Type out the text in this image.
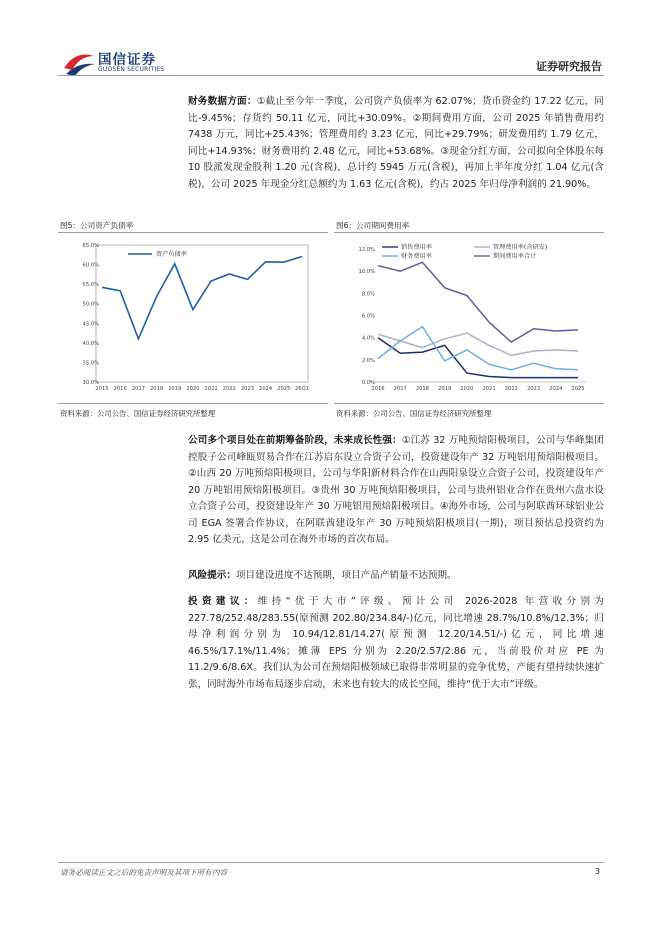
国信证券
GUOSEN SECURITIES	证券研究报告
财务数据方面：①截止至今年一季度，公司资产负债率为 62.07%；货币资金约 17.22 亿元，同比-9.45%；存货约 50.11 亿元，同比+30.09%。②期间费用方面，公司 2025 年销售费用约 7438 万元，同比+25.43%；管理费用约 3.23 亿元，同比+29.79%；研发费用约 1.79 亿元，同比+14.93%；财务费用约 2.48 亿元，同比+53.68%。③现金分红方面，公司拟向全体股东每 10 股派发现金股利 1.20 元(含税)，总计约 5945 万元(含税)，再加上半年度分红 1.04 亿元(含税)，公司 2025 年现金分红总额约为 1.63 亿元(含税)，约占 2025 年归母净利润的 21.90%。
图5：公司资产负债率	图6：公司期间费用率
30.0%
35.0%
40.0%
45.0%
50.0%
55.0%
60.0%
65.0%
2015 2016 2017 2018 2019 2020 2021 2022 2023 2024 2025 26Q1
资产负债率
0.0%
2.0%
4.0%
6.0%
8.0%
10.0%
12.0%
2016 2017 2018 2019 2020 2021 2022 2023 2024 2025
销售费用率	管理费用率(含研发)
财务费用率	期间费用率合计
资料来源：公司公告、国信证券经济研究所整理	资料来源：公司公告、国信证券经济研究所整理
公司多个项目处在前期筹备阶段，未来成长性强：①江苏 32 万吨预焙阳极项目，公司与华峰集团控股子公司峰瓯贸易合作在江苏启东设立合资子公司，投资建设年产 32 万吨铝用预焙阳极项目。②山西 20 万吨预焙阳极项目，公司与华阳新材料合作在山西阳泉设立合资子公司，投资建设年产 20 万吨铝用预焙阳极项目。③贵州 30 万吨预焙阳极项目，公司与贵州铝业合作在贵州六盘水设立合资子公司，投资建设年产 30 万吨铝用预焙阳极项目。④海外市场，公司与阿联酋环球铝业公司 EGA 签署合作协议，在阿联酋建设年产 30 万吨预焙阳极项目(一期)，项目预估总投资约为 2.95 亿美元，这是公司在海外市场的首次布局。
风险提示：项目建设进度不达预期，项目产品产销量不达预期。
投资建议：维持“优于大市”评级。预计公司 2026-2028 年营收分别为 227.78/252.48/283.55(原预测 202.80/234.84/-)亿元，同比增速 28.7%/10.8%/12.3%；归母净利润分别为 10.94/12.81/14.27(原预测 12.20/14.51/-)亿元，同比增速 46.5%/17.1%/11.4%；摊薄 EPS 分别为 2.20/2.57/2.86 元，当前股价对应 PE 为 11.2/9.6/8.6X。我们认为公司在预焙阳极领域已取得非常明显的竞争优势，产能有望持续快速扩张，同时海外市场布局逐步启动，未来也有较大的成长空间，维持“优于大市”评级。
请务必阅读正文之后的免责声明及其项下所有内容	3
